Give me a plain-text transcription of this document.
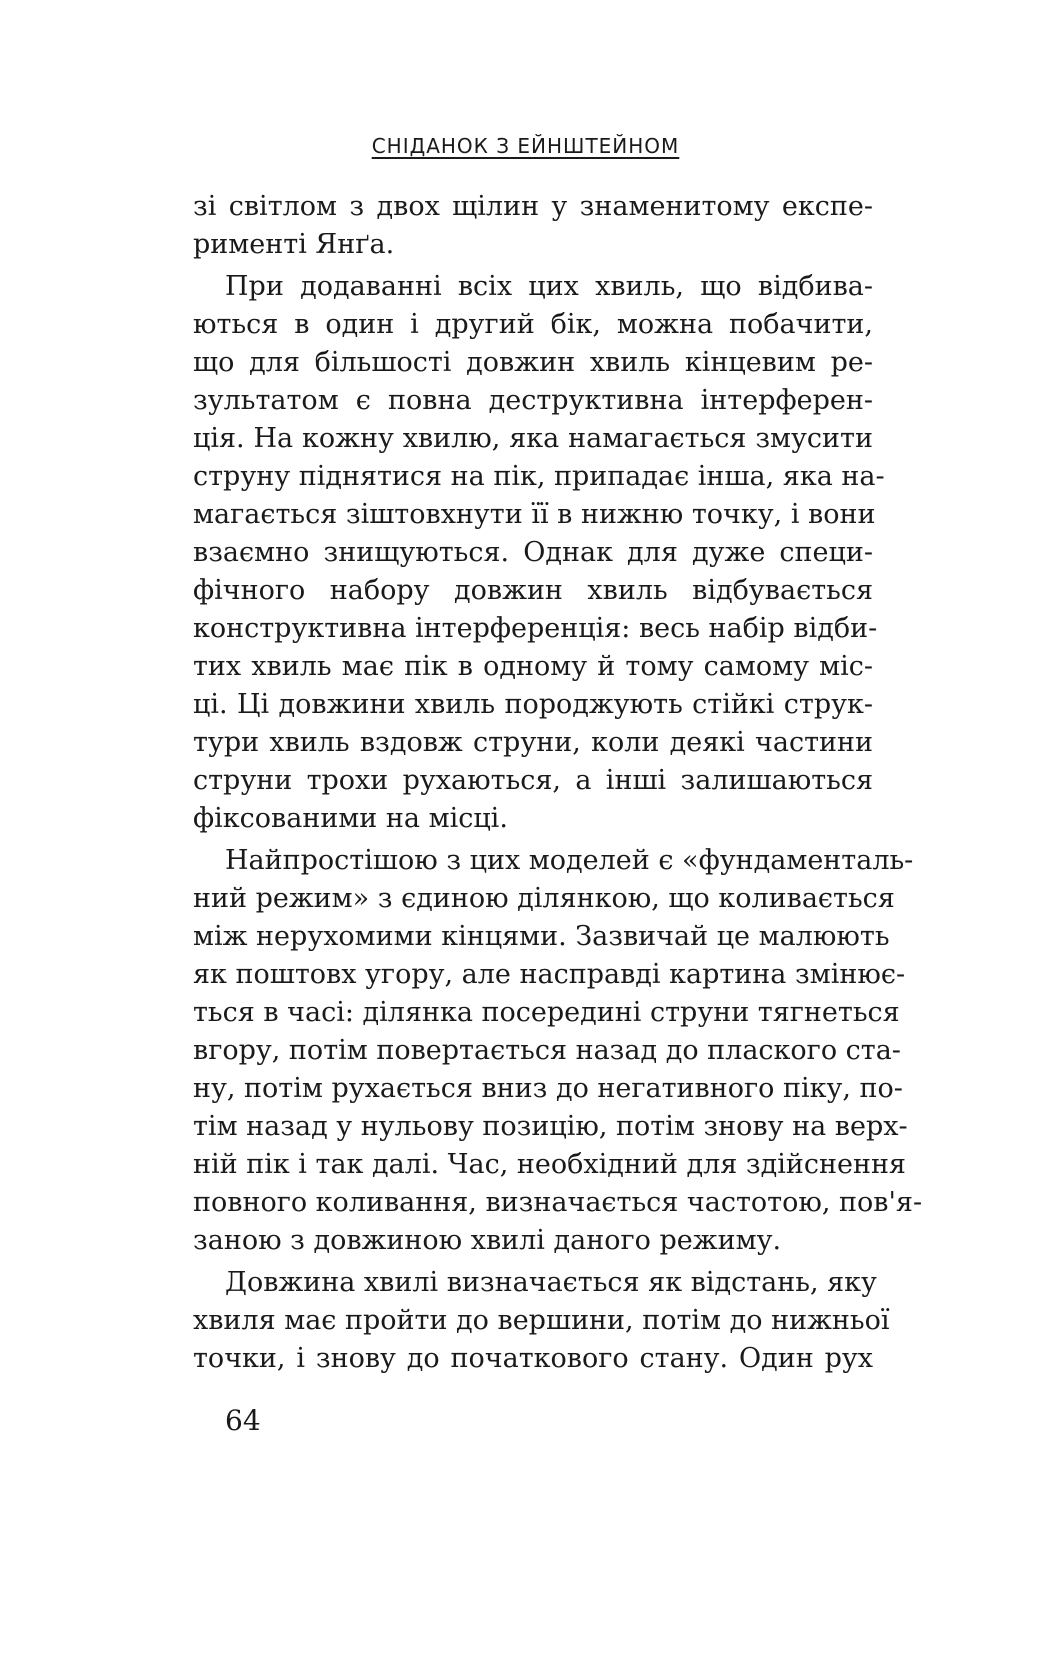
СНІДАНОК З ЕЙНШТЕЙНОМ
зі світлом з двох щілин у знаменитому експе-
рименті Янґа.
При додаванні всіх цих хвиль, що відбива-
ються в один і другий бік, можна побачити,
що для більшості довжин хвиль кінцевим ре-
зультатом є повна деструктивна інтерферен-
ція. На кожну хвилю, яка намагається змусити
струну піднятися на пік, припадає інша, яка на-
магається зіштовхнути її в нижню точку, і вони
взаємно знищуються. Однак для дуже специ-
фічного набору довжин хвиль відбувається
конструктивна інтерференція: весь набір відби-
тих хвиль має пік в одному й тому самому міс-
ці. Ці довжини хвиль породжують стійкі струк-
тури хвиль вздовж струни, коли деякі частини
струни трохи рухаються, а інші залишаються
фіксованими на місці.
Найпростішою з цих моделей є «фундаменталь-
ний режим» з єдиною ділянкою, що коливається
між нерухомими кінцями. Зазвичай це малюють
як поштовх угору, але насправді картина змінює-
ться в часі: ділянка посередині струни тягнеться
вгору, потім повертається назад до плаского ста-
ну, потім рухається вниз до негативного піку, по-
тім назад у нульову позицію, потім знову на верх-
ній пік і так далі. Час, необхідний для здійснення
повного коливання, визначається частотою, пов'я-
заною з довжиною хвилі даного режиму.
Довжина хвилі визначається як відстань, яку
хвиля має пройти до вершини, потім до нижньої
точки, і знову до початкового стану. Один рух
64
